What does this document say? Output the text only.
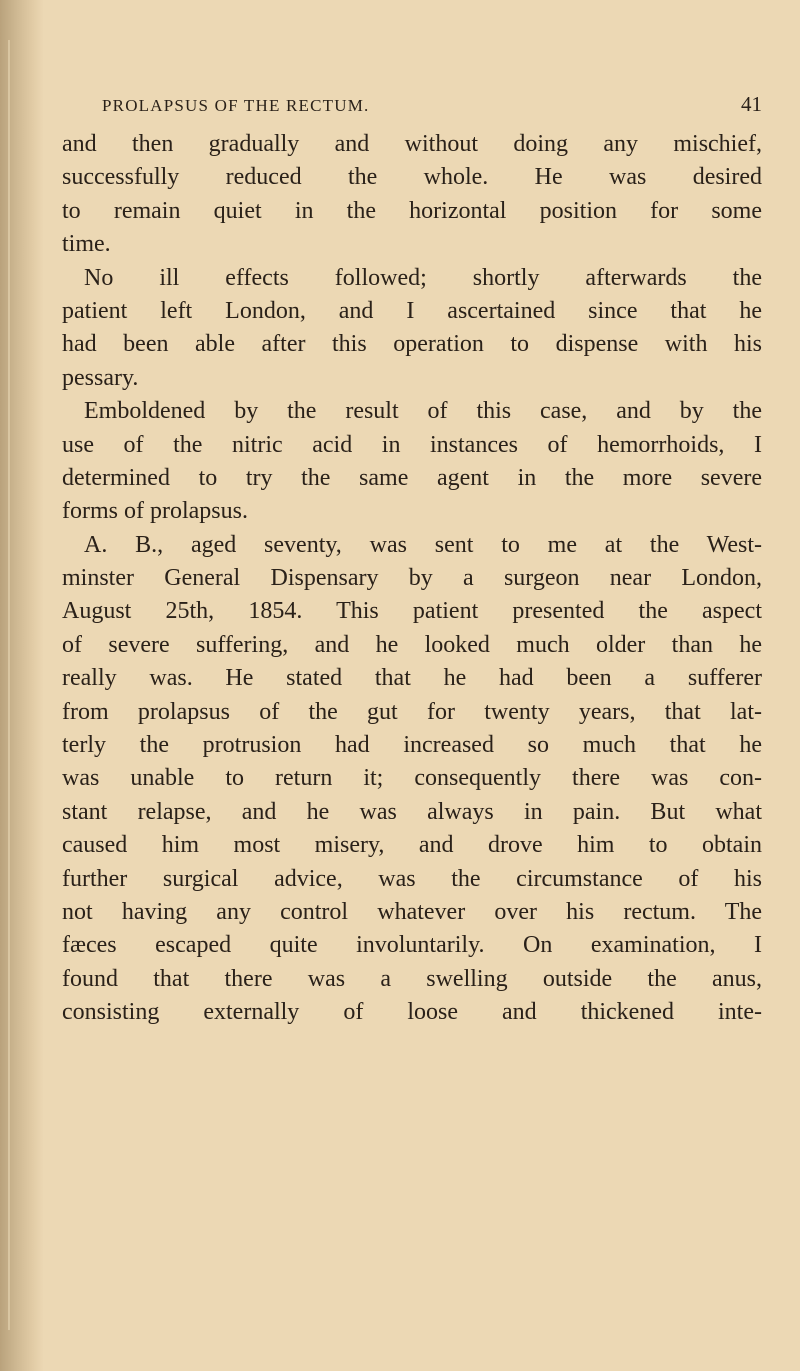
PROLAPSUS OF THE RECTUM.	41
and then gradually and without doing any mischief,
successfully reduced the whole. He was desired
to remain quiet in the horizontal position for some
time.
No ill effects followed; shortly afterwards the
patient left London, and I ascertained since that he
had been able after this operation to dispense with his
pessary.
Emboldened by the result of this case, and by the
use of the nitric acid in instances of hemorrhoids, I
determined to try the same agent in the more severe
forms of prolapsus.
A. B., aged seventy, was sent to me at the West-
minster General Dispensary by a surgeon near London,
August 25th, 1854. This patient presented the aspect
of severe suffering, and he looked much older than he
really was. He stated that he had been a sufferer
from prolapsus of the gut for twenty years, that lat-
terly the protrusion had increased so much that he
was unable to return it; consequently there was con-
stant relapse, and he was always in pain. But what
caused him most misery, and drove him to obtain
further surgical advice, was the circumstance of his
not having any control whatever over his rectum. The
fæces escaped quite involuntarily. On examination, I
found that there was a swelling outside the anus,
consisting externally of loose and thickened inte-
